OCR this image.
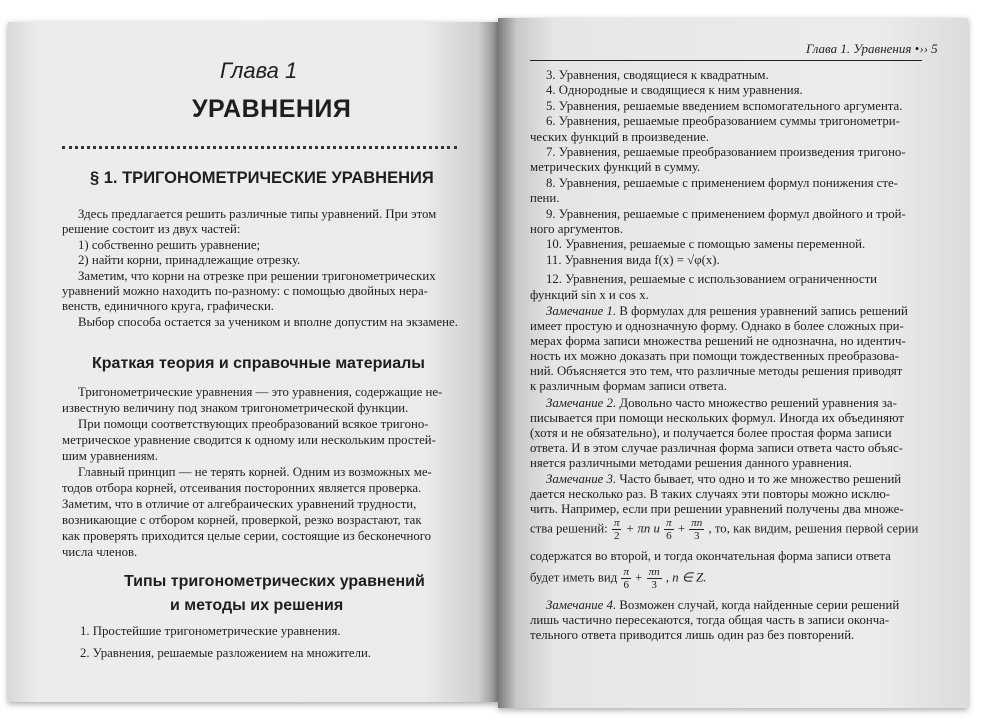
Глава 1
УРАВНЕНИЯ
§ 1. ТРИГОНОМЕТРИЧЕСКИЕ УРАВНЕНИЯ
Краткая теория и справочные материалы
Типы тригонометрических уравнений
и методы их решения
Здесь предлагается решить различные типы уравнений. При этом
решение состоит из двух частей:
1) собственно решить уравнение;
2) найти корни, принадлежащие отрезку.
Заметим, что корни на отрезке при решении тригонометрических
уравнений можно находить по-разному: с помощью двойных нера-
венств, единичного круга, графически.
Выбор способа остается за учеником и вполне допустим на экзамене.
Тригонометрические уравнения — это уравнения, содержащие не-
известную величину под знаком тригонометрической функции.
При помощи соответствующих преобразований всякое тригоно-
метрическое уравнение сводится к одному или нескольким простей-
шим уравнениям.
Главный принцип — не терять корней. Одним из возможных ме-
тодов отбора корней, отсеивания посторонних является проверка.
Заметим, что в отличие от алгебраических уравнений трудности,
возникающие с отбором корней, проверкой, резко возрастают, так
как проверять приходится целые серии, состоящие из бесконечного
числа членов.
1. Простейшие тригонометрические уравнения.
2. Уравнения, решаемые разложением на множители.
Глава 1. Уравнения •›› 5
3. Уравнения, сводящиеся к квадратным.
4. Однородные и сводящиеся к ним уравнения.
5. Уравнения, решаемые введением вспомогательного аргумента.
6. Уравнения, решаемые преобразованием суммы тригонометри-
ческих функций в произведение.
7. Уравнения, решаемые преобразованием произведения тригоно-
метрических функций в сумму.
8. Уравнения, решаемые с применением формул понижения сте-
пени.
9. Уравнения, решаемые с применением формул двойного и трой-
ного аргументов.
10. Уравнения, решаемые с помощью замены переменной.
11. Уравнения вида f(x) = √φ(x).
12. Уравнения, решаемые с использованием ограниченности
функций sin x и cos x.
Замечание 1. В формулах для решения уравнений запись решений
имеет простую и однозначную форму. Однако в более сложных при-
мерах форма записи множества решений не однозначна, но идентич-
ность их можно доказать при помощи тождественных преобразова-
ний. Объясняется это тем, что различные методы решения приводят
к различным формам записи ответа.
Замечание 2. Довольно часто множество решений уравнения за-
писывается при помощи нескольких формул. Иногда их объединяют
(хотя и не обязательно), и получается более простая форма записи
ответа. И в этом случае различная форма записи ответа часто объяс-
няется различными методами решения данного уравнения.
Замечание 3. Часто бывает, что одно и то же множество решений
дается несколько раз. В таких случаях эти повторы можно исклю-
чить. Например, если при решении уравнений получены два множе-
Замечание 4. Возможен случай, когда найденные серии решений
лишь частично пересекаются, тогда общая часть в записи оконча-
тельного ответа приводится лишь один раз без повторений.
ства решений: $\frac{\pi}{2} + \pi n$ и $\frac{\pi}{6} + \frac{\pi n}{3}$ , то, как видим, решения первой серии
содержатся во второй, и тогда окончательная форма записи ответа
будет иметь вид $\frac{\pi}{6} + \frac{\pi n}{3}$ , n ∈ Z.
